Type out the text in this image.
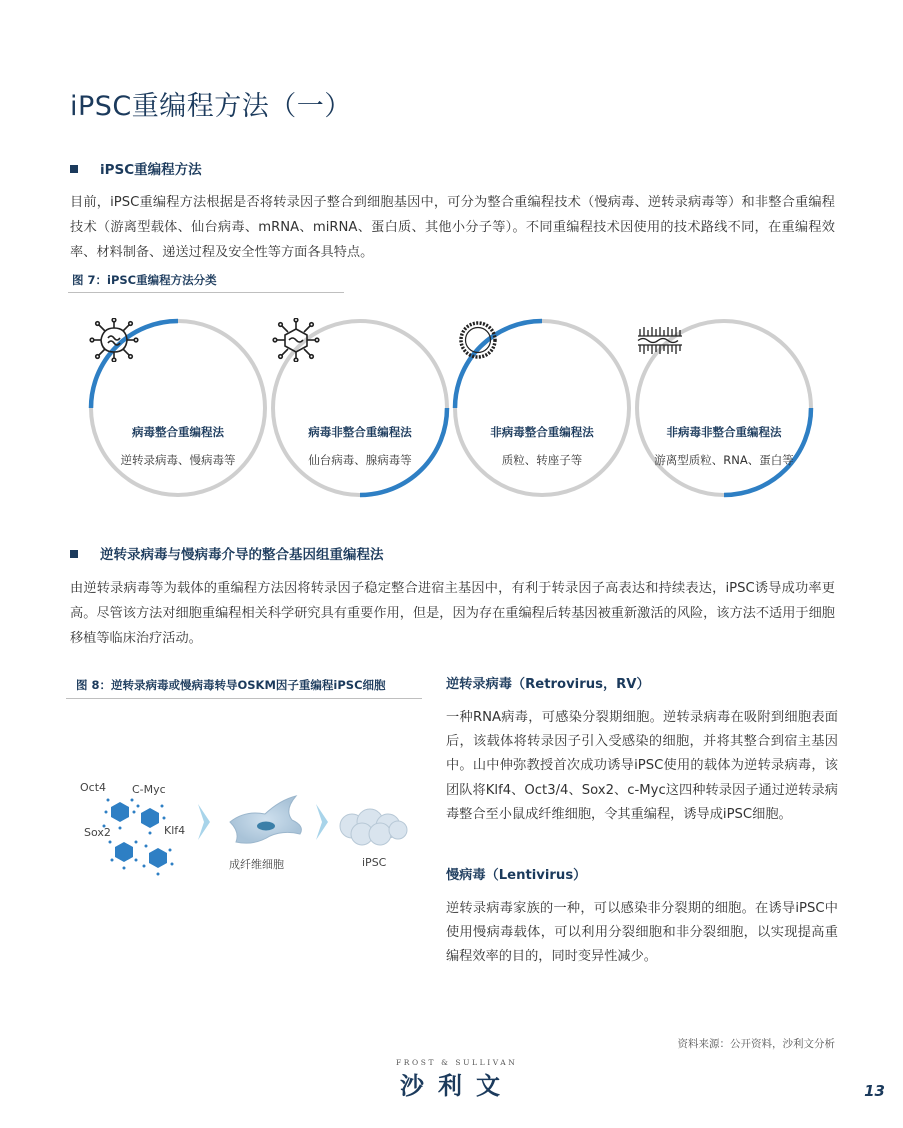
iPSC重编程方法（一）
iPSC重编程方法
目前，iPSC重编程方法根据是否将转录因子整合到细胞基因中，可分为整合重编程技术（慢病毒、逆转录病毒等）和非整合重编程技术（游离型载体、仙台病毒、mRNA、miRNA、蛋白质、其他小分子等）。不同重编程技术因使用的技术路线不同，在重编程效率、材料制备、递送过程及安全性等方面各具特点。
图 7：iPSC重编程方法分类
病毒整合重编程法
逆转录病毒、慢病毒等
病毒非整合重编程法
仙台病毒、腺病毒等
非病毒整合重编程法
质粒、转座子等
非病毒非整合重编程法
游离型质粒、RNA、蛋白等
逆转录病毒与慢病毒介导的整合基因组重编程法
由逆转录病毒等为载体的重编程方法因将转录因子稳定整合进宿主基因中，有利于转录因子高表达和持续表达，iPSC诱导成功率更高。尽管该方法对细胞重编程相关科学研究具有重要作用，但是，因为存在重编程后转基因被重新激活的风险，该方法不适用于细胞移植等临床治疗活动。
图 8：逆转录病毒或慢病毒转导OSKM因子重编程iPSC细胞
Oct4 C-Myc
Sox2	Klf4
成纤维细胞	iPSC
逆转录病毒（Retrovirus，RV）
一种RNA病毒，可感染分裂期细胞。逆转录病毒在吸附到细胞表面后，该载体将转录因子引入受感染的细胞，并将其整合到宿主基因中。山中伸弥教授首次成功诱导iPSC使用的载体为逆转录病毒，该团队将Klf4、Oct3/4、Sox2、c-Myc这四种转录因子通过逆转录病毒整合至小鼠成纤维细胞，令其重编程，诱导成iPSC细胞。
慢病毒（Lentivirus）
逆转录病毒家族的一种，可以感染非分裂期的细胞。在诱导iPSC中使用慢病毒载体，可以利用分裂细胞和非分裂细胞，以实现提高重编程效率的目的，同时变异性减少。
资料来源：公开资料，沙利文分析
FROST & SULLIVAN
沙利文	13
